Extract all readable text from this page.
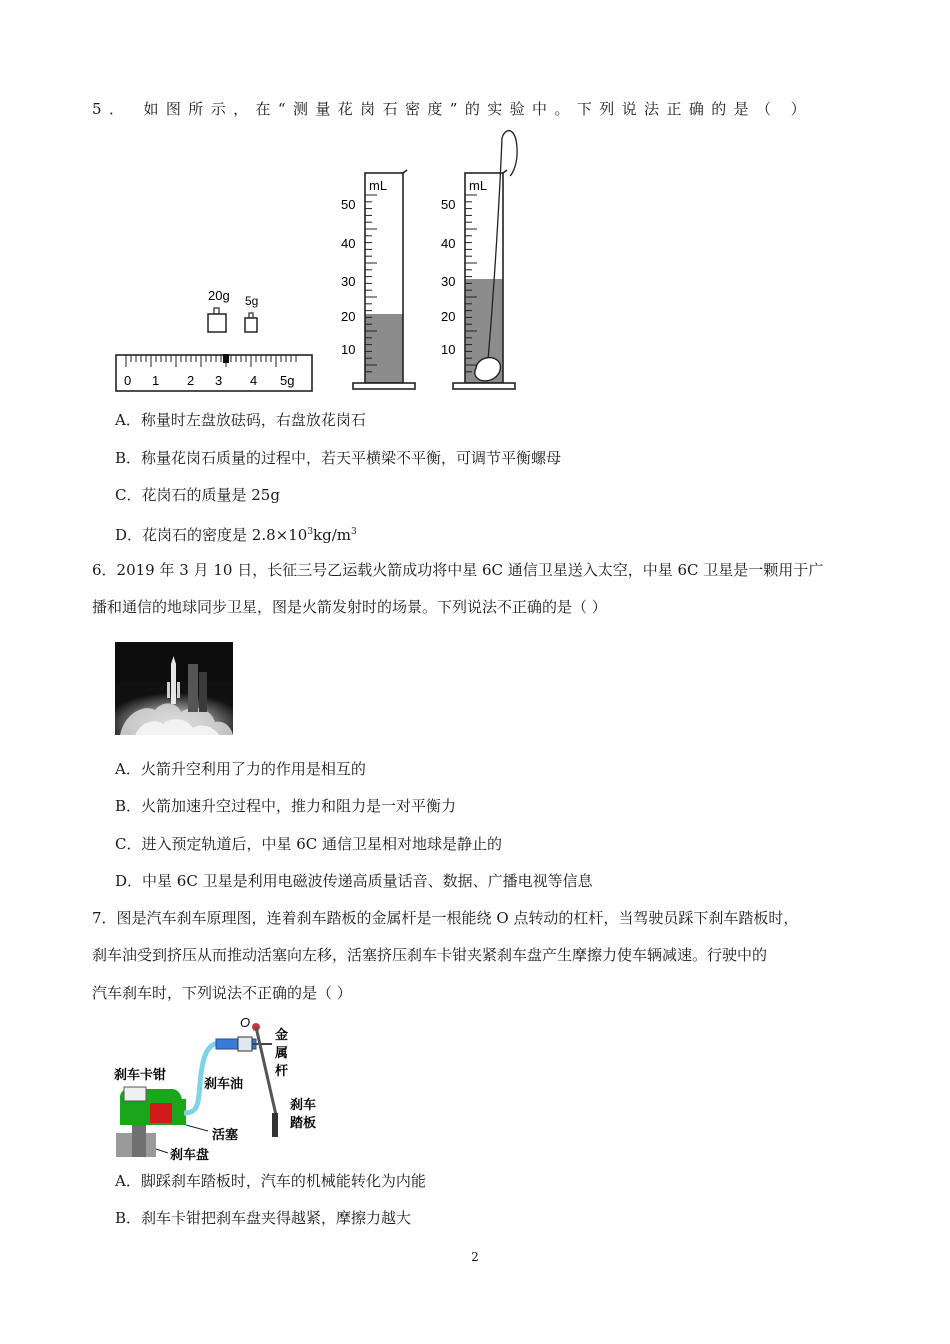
5． 如图所示，在“测量花岗石密度”的实验中。下列说法正确的是（ ）
20g 5g
0 1 2 3 4 5g
mL
50
40
30
20
10
mL
50
40
30
20
10
A．称量时左盘放砝码，右盘放花岗石
B．称量花岗石质量的过程中，若天平横梁不平衡，可调节平衡螺母
C．花岗石的质量是 25g
D．花岗石的密度是 $2.8\times 10^3kg/m^3$
6．2019 年 3 月 10 日，长征三号乙运载火箭成功将中星 6C 通信卫星送入太空，中星 6C 卫星是一颗用于广
播和通信的地球同步卫星，图是火箭发射时的场景。下列说法不正确的是（ ）
A．火箭升空利用了力的作用是相互的
B．火箭加速升空过程中，推力和阻力是一对平衡力
C．进入预定轨道后，中星 6C 通信卫星相对地球是静止的
D．中星 6C 卫星是利用电磁波传递高质量话音、数据、广播电视等信息
7．图是汽车刹车原理图，连着刹车踏板的金属杆是一根能绕 O 点转动的杠杆，当驾驶员踩下刹车踏板时，
刹车油受到挤压从而推动活塞向左移，活塞挤压刹车卡钳夹紧刹车盘产生摩擦力使车辆减速。行驶中的
汽车刹车时，下列说法不正确的是（ ）
O
刹车卡钳
刹车油
金
属
杆
刹车
踏板
活塞
刹车盘
A．脚踩刹车踏板时，汽车的机械能转化为内能
B．刹车卡钳把刹车盘夹得越紧，摩擦力越大
2
